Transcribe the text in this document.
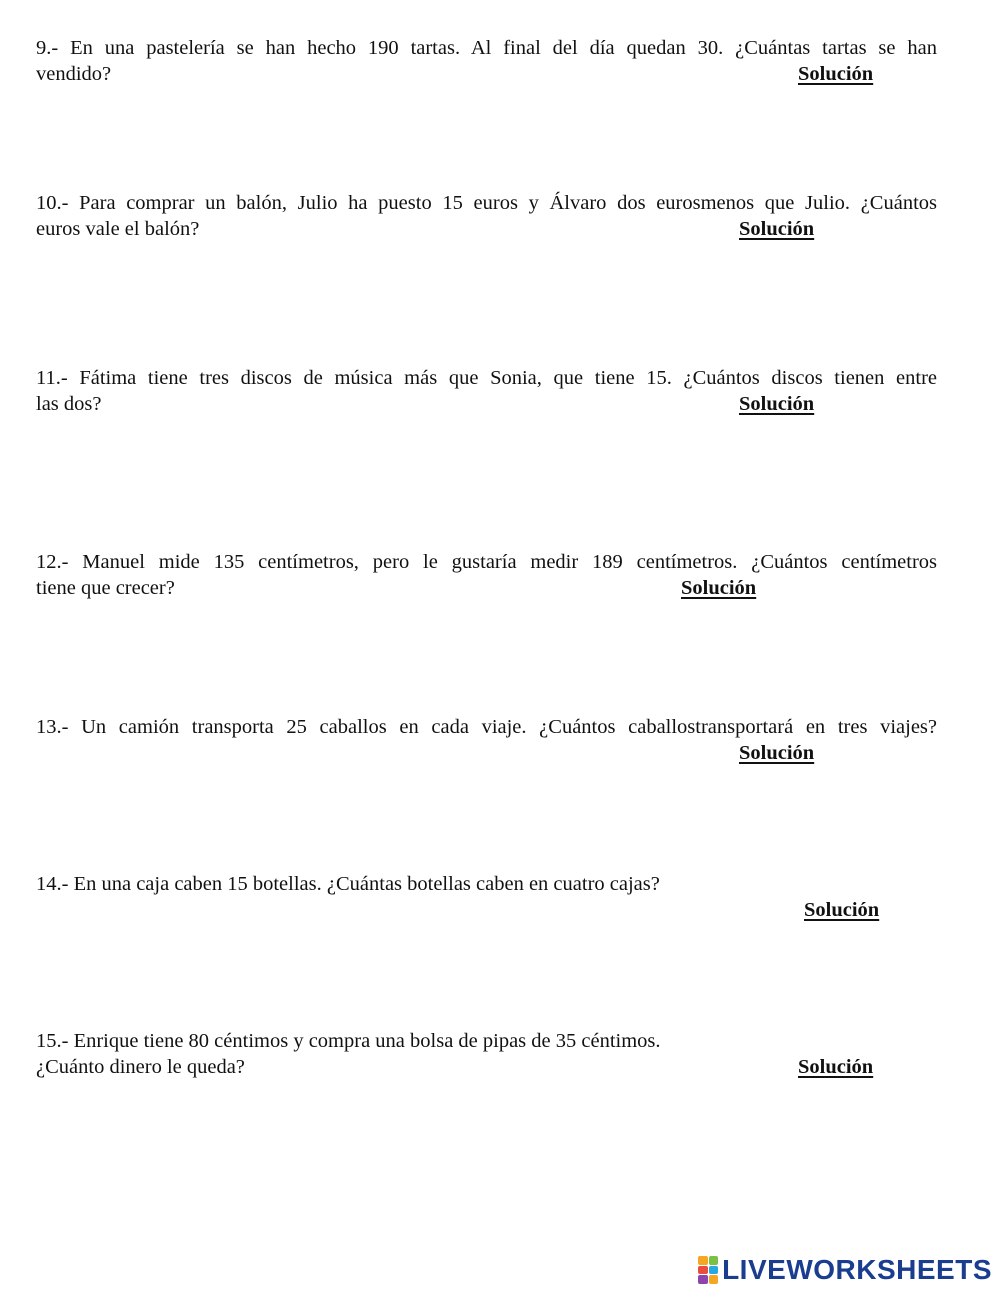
9.- En una pastelería se han hecho 190 tartas. Al final del día quedan 30. ¿Cuántas tartas se han
vendido?	Solución
10.- Para comprar un balón, Julio ha puesto 15 euros y Álvaro dos eurosmenos que Julio. ¿Cuántos
euros vale el balón?	Solución
11.- Fátima tiene tres discos de música más que Sonia, que tiene 15. ¿Cuántos discos tienen entre
las dos?	Solución
12.- Manuel mide 135 centímetros, pero le gustaría medir 189 centímetros. ¿Cuántos centímetros
tiene que crecer?	Solución
13.- Un camión transporta 25 caballos en cada viaje. ¿Cuántos caballostransportará en tres viajes?
Solución
14.- En una caja caben 15 botellas. ¿Cuántas botellas caben en cuatro cajas?
Solución
15.- Enrique tiene 80 céntimos y compra una bolsa de pipas de 35 céntimos.
¿Cuánto dinero le queda?	Solución
LIVEWORKSHEETS
